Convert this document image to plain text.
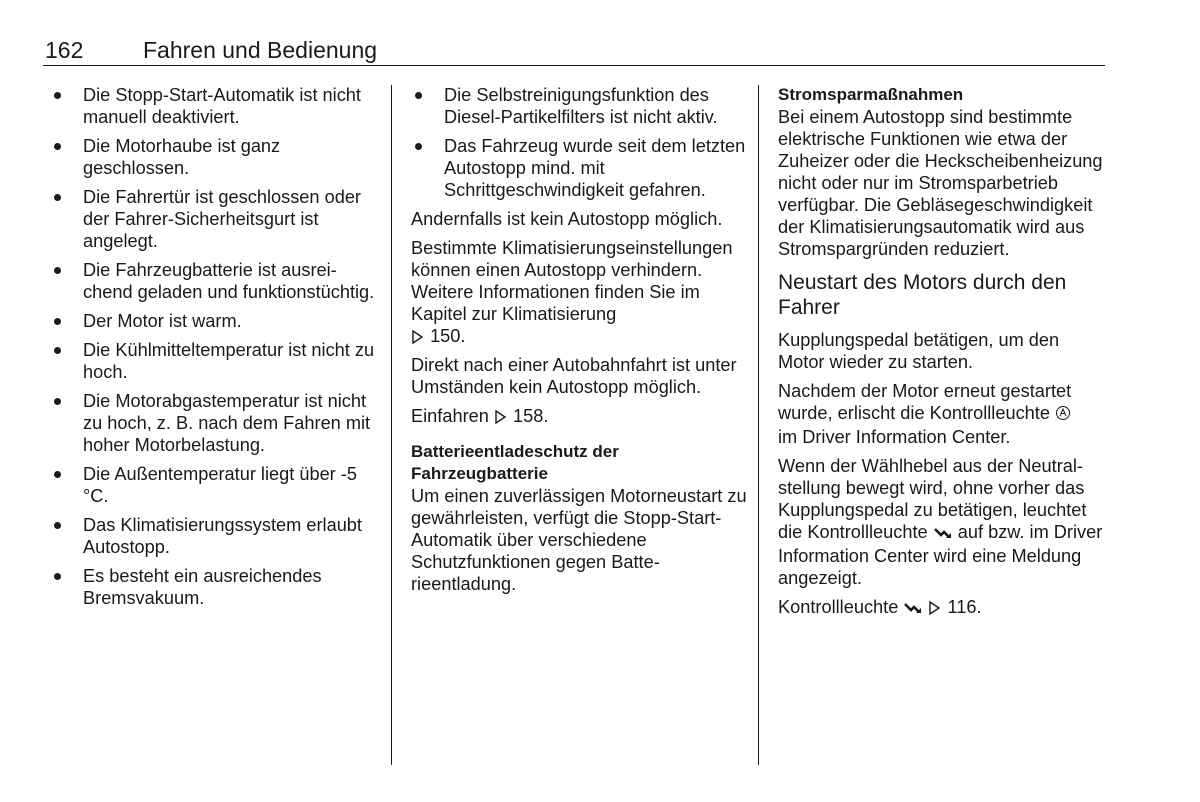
162	Fahren und Bedienung
Die Stopp-Start-Automatik ist nicht manuell deaktiviert.
Die Motorhaube ist ganz geschlossen.
Die Fahrertür ist geschlossen oder der Fahrer-Sicherheitsgurt ist angelegt.
Die Fahrzeugbatterie ist ausreichend geladen und funktionstüchtig.
Der Motor ist warm.
Die Kühlmitteltemperatur ist nicht zu hoch.
Die Motorabgastemperatur ist nicht zu hoch, z. B. nach dem Fahren mit hoher Motorbelastung.
Die Außentemperatur liegt über -5 °C.
Das Klimatisierungssystem erlaubt Autostopp.
Es besteht ein ausreichendes Bremsvakuum.
Die Selbstreinigungsfunktion des Diesel-Partikelfilters ist nicht aktiv.
Das Fahrzeug wurde seit dem letzten Autostopp mind. mit Schrittgeschwindigkeit gefahren.

Andernfalls ist kein Autostopp möglich.

Bestimmte Klimatisierungseinstellungen können einen Autostopp verhindern. Weitere Informationen finden Sie im Kapitel zur Klimatisierung
150.

Direkt nach einer Autobahnfahrt ist unter Umständen kein Autostopp möglich.

Einfahren 158.

Batterieentladeschutz der Fahrzeugbatterie

Um einen zuverlässigen Motorneustart zu gewährleisten, verfügt die Stopp-Start-Automatik über verschiedene Schutzfunktionen gegen Batterieentladung.

Stromsparmaßnahmen

Bei einem Autostopp sind bestimmte elektrische Funktionen wie etwa der Zuheizer oder die Heckscheibenheizung nicht oder nur im Stromsparbetrieb verfügbar. Die Gebläsegeschwindigkeit der Klimatisierungsautomatik wird aus Stromspargründen reduziert.

Neustart des Motors durch den Fahrer

Kupplungspedal betätigen, um den Motor wieder zu starten.

Nachdem der Motor erneut gestartet wurde, erlischt die Kontrollleuchte
im Driver Information Center.

Wenn der Wählhebel aus der Neutralstellung bewegt wird, ohne vorher das Kupplungspedal zu betätigen, leuchtet die Kontrollleuchte auf bzw. im Driver Information Center wird eine Meldung angezeigt.

Kontrollleuchte	116.
